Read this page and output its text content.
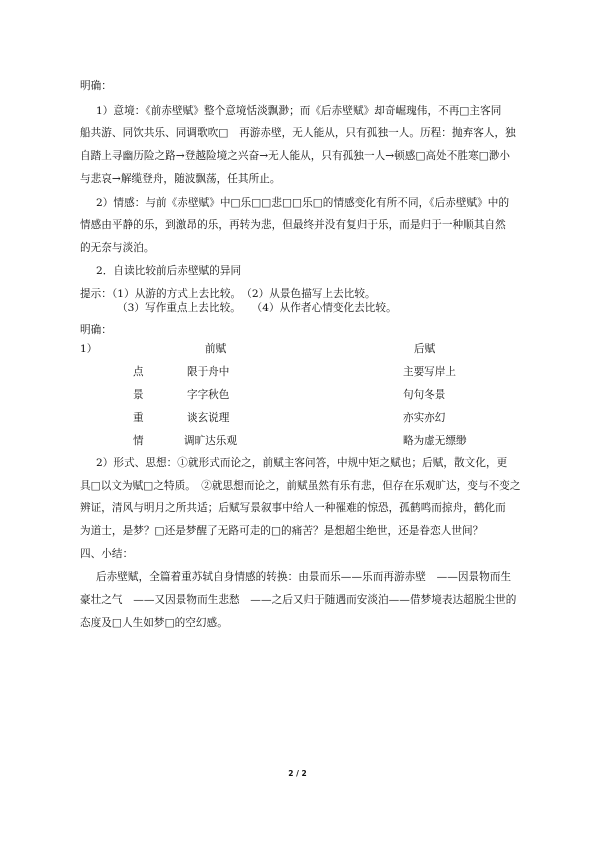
明确：
1）意境：《前赤壁赋》整个意境恬淡飘渺；而《后赤壁赋》却奇崛瑰伟，不再□主客同
船共游、同饮共乐、同调歌吹□　再游赤壁，无人能从，只有孤独一人。历程：抛弃客人，独
自踏上寻幽历险之路→登越险境之兴奋→无人能从，只有孤独一人→顿感□高处不胜寒□渺小
与悲哀→解缆登舟，随波飘荡，任其所止。
2）情感：与前《赤壁赋》中□乐□□悲□□乐□的情感变化有所不同，《后赤壁赋》中的
情感由平静的乐，到激昂的乐，再转为悲，但最终并没有复归于乐，而是归于一种顺其自然
的无奈与淡泊。
2．自读比较前后赤壁赋的异同
提示：（1）从游的方式上去比较。　（2）从景色描写上去比较。
（3）写作重点上去比较。　　（4）从作者心情变化去比较。
明确：
1）	前赋	后赋
点	限于舟中	主要写岸上
景	字字秋色	句句冬景
重	谈玄说理	亦实亦幻
情	调旷达乐观	略为虚无缥缈
2）形式、思想：①就形式而论之，前赋主客问答，中规中矩之赋也；后赋，散文化，更
具□以文为赋□之特质。　②就思想而论之，前赋虽然有乐有悲，但存在乐观旷达，变与不变之
辨证，清风与明月之所共适；后赋写景叙事中给人一种罹难的惊恐，孤鹤鸣而掠舟，鹤化而
为道士，是梦？□还是梦醒了无路可走的□的痛苦？是想超尘绝世，还是眷恋人世间？
四、小结：
后赤壁赋，全篇着重苏轼自身情感的转换：由景而乐——乐而再游赤壁　——因景物而生
豪壮之气　——又因景物而生悲愁　——之后又归于随遇而安淡泊——借梦境表达超脱尘世的
态度及□人生如梦□的空幻感。
2 / 2
